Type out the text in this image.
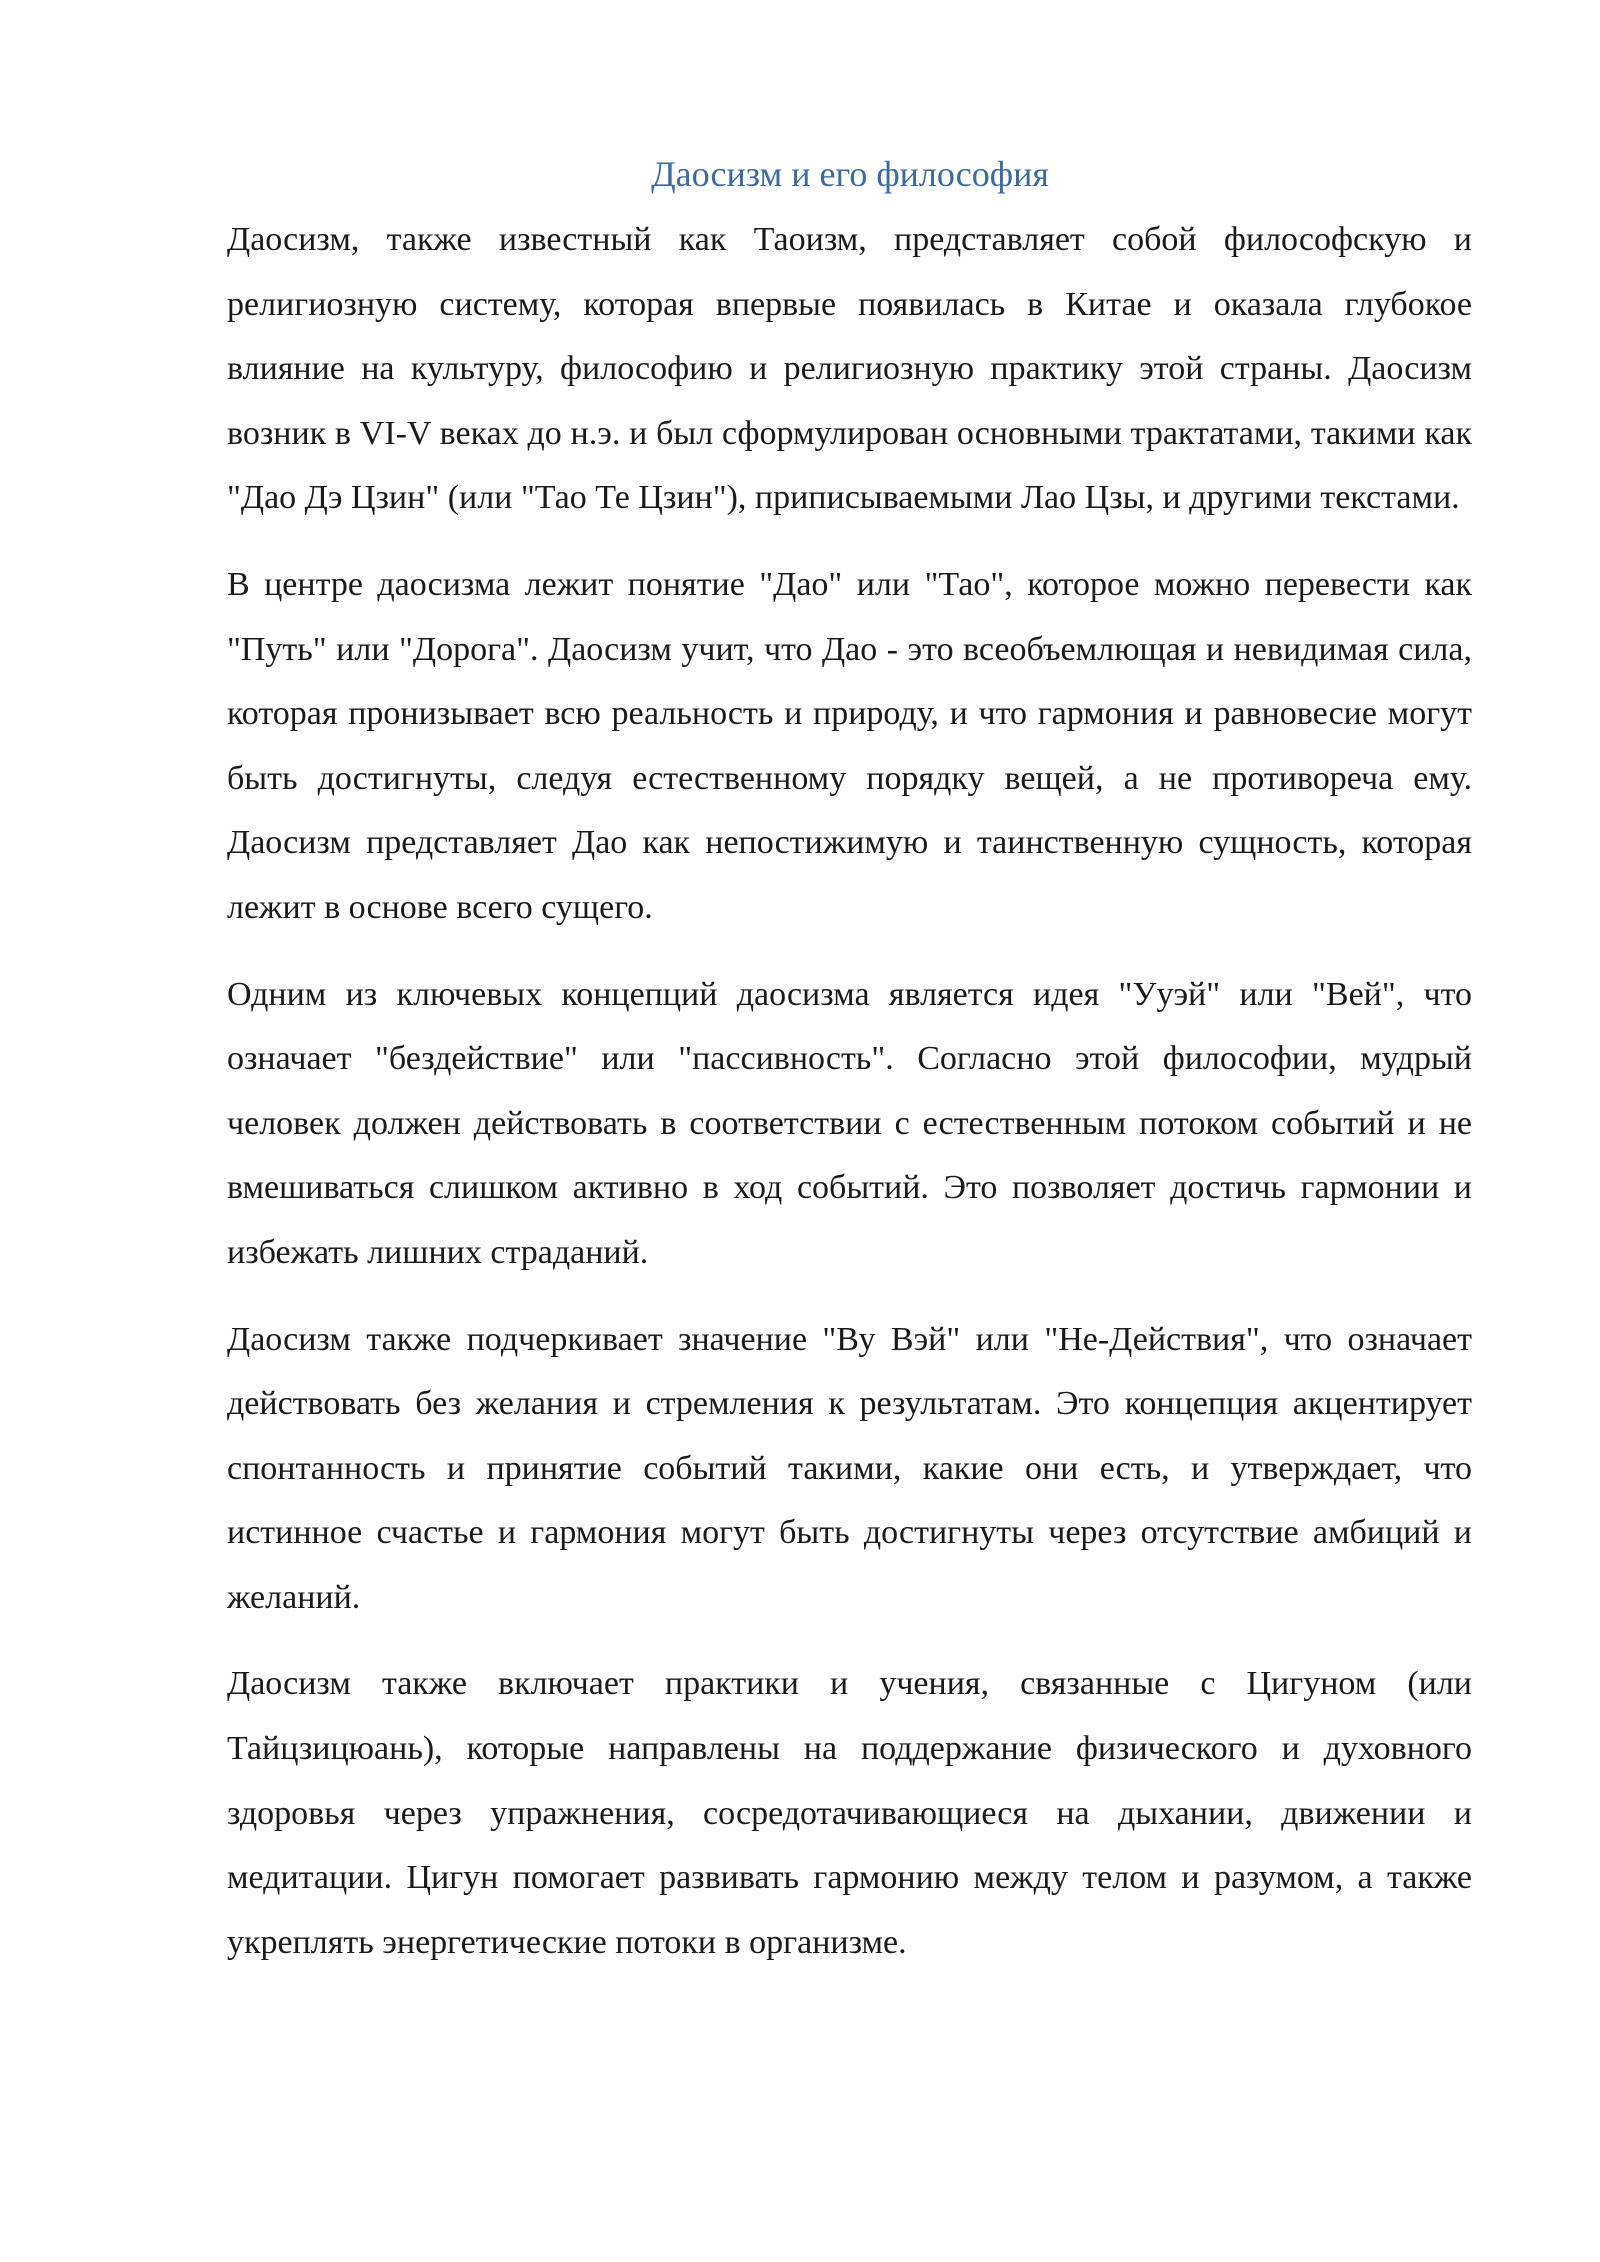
Даосизм и его философия

Даосизм, также известный как Таоизм, представляет собой философскую и религиозную систему, которая впервые появилась в Китае и оказала глубокое влияние на культуру, философию и религиозную практику этой страны. Даосизм возник в VI-V веках до н.э. и был сформулирован основными трактатами, такими как "Дао Дэ Цзин" (или "Тао Те Цзин"), приписываемыми Лао Цзы, и другими текстами.

В центре даосизма лежит понятие "Дао" или "Тао", которое можно перевести как "Путь" или "Дорога". Даосизм учит, что Дао - это всеобъемлющая и невидимая сила, которая пронизывает всю реальность и природу, и что гармония и равновесие могут быть достигнуты, следуя естественному порядку вещей, а не противореча ему. Даосизм представляет Дао как непостижимую и таинственную сущность, которая лежит в основе всего сущего.

Одним из ключевых концепций даосизма является идея "Ууэй" или "Вей", что означает "бездействие" или "пассивность". Согласно этой философии, мудрый человек должен действовать в соответствии с естественным потоком событий и не вмешиваться слишком активно в ход событий. Это позволяет достичь гармонии и избежать лишних страданий.

Даосизм также подчеркивает значение "Ву Вэй" или "Не-Действия", что означает действовать без желания и стремления к результатам. Это концепция акцентирует спонтанность и принятие событий такими, какие они есть, и утверждает, что истинное счастье и гармония могут быть достигнуты через отсутствие амбиций и желаний.

Даосизм также включает практики и учения, связанные с Цигуном (или Тайцзицюань), которые направлены на поддержание физического и духовного здоровья через упражнения, сосредотачивающиеся на дыхании, движении и медитации. Цигун помогает развивать гармонию между телом и разумом, а также укреплять энергетические потоки в организме.
